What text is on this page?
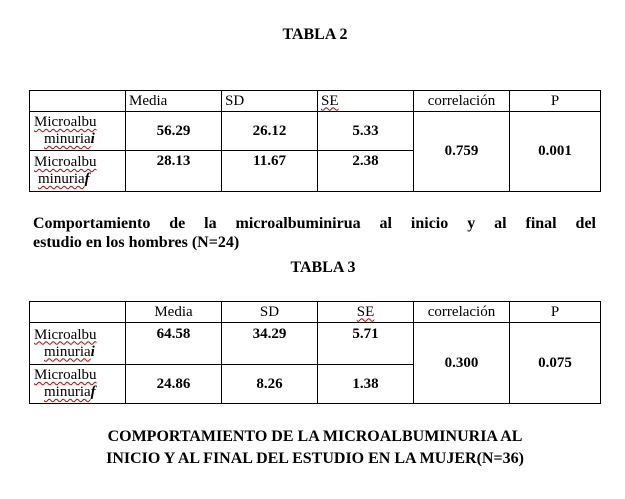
TABLA 2
	Media	SD	SE	correlación	P
Microalbu
minuriai	56.29	26.12	5.33	0.759	0.001
Microalbu
minuriaf	28.13	11.67	2.38		
Comportamiento de la microalbuminirua al inicio y al final del
estudio en los hombres (N=24)
TABLA 3
	Media	SD	SE	correlación	P
Microalbu
minuriai	64.58	34.29	5.71	0.300	0.075
Microalbu
minuriaf	24.86	8.26	1.38		
COMPORTAMIENTO DE LA MICROALBUMINURIA AL
INICIO Y AL FINAL DEL ESTUDIO EN LA MUJER(N=36)
